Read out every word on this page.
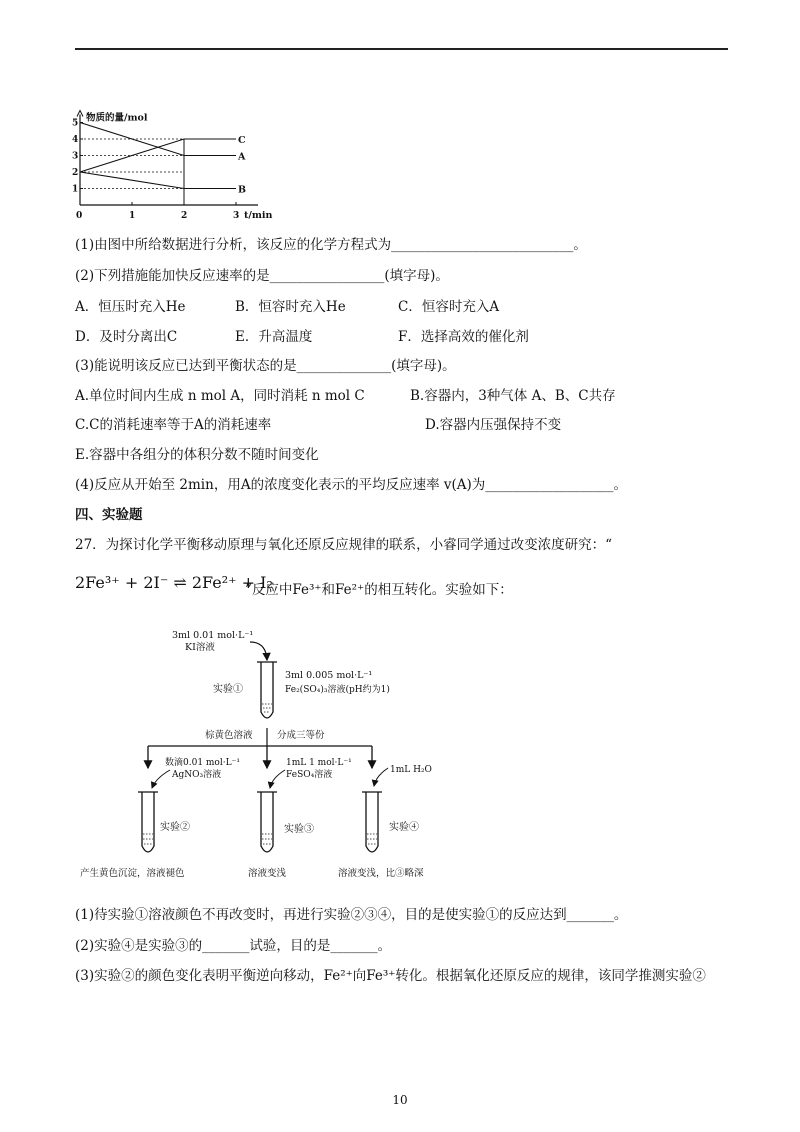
物质的量/mol
t/min
1
2
3
4
5
0	1	2	3
C
A
B
(1)由图中所给数据进行分析，该反应的化学方程式为___________________________。
(2)下列措施能加快反应速率的是_________________(填字母)。
A．恒压时充入He	B．恒容时充入He	C．恒容时充入A
D．及时分离出C	E．升高温度	F．选择高效的催化剂
(3)能说明该反应已达到平衡状态的是______________(填字母)。
A.单位时间内生成 n mol A，同时消耗 n mol C	B.容器内，3种气体 A、B、C共存
C.C的消耗速率等于A的消耗速率	D.容器内压强保持不变
E.容器中各组分的体积分数不随时间变化
(4)反应从开始至 2min，用A的浓度变化表示的平均反应速率 v(A)为___________________。
四、实验题
27．为探讨化学平衡移动原理与氧化还原反应规律的联系，小睿同学通过改变浓度研究：“
2Fe³⁺ + 2I⁻ ⇌ 2Fe²⁺ + I₂
”反应中Fe³⁺和Fe²⁺的相互转化。实验如下：
3ml 0.01 mol·L⁻¹
KI溶液
实验①
3ml 0.005 mol·L⁻¹
Fe₂(SO₄)₃溶液(pH约为1)
棕黄色溶液	分成三等份
数滴0.01 mol·L⁻¹
AgNO₃溶液
1mL 1 mol·L⁻¹
FeSO₄溶液	1mL H₂O
实验②	实验③	实验④
产生黄色沉淀，溶液褪色	溶液变浅	溶液变浅，比③略深
(1)待实验①溶液颜色不再改变时，再进行实验②③④，目的是使实验①的反应达到_______。
(2)实验④是实验③的_______试验，目的是_______。
(3)实验②的颜色变化表明平衡逆向移动，Fe²⁺向Fe³⁺转化。根据氧化还原反应的规律，该同学推测实验②
10
